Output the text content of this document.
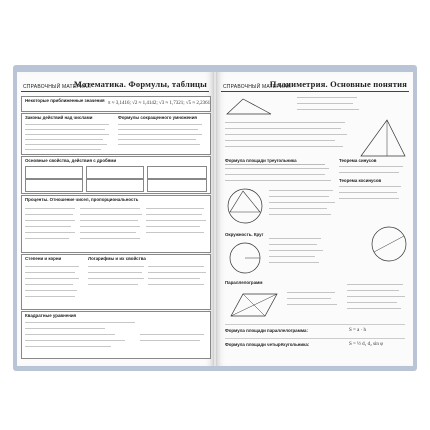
СПРАВОЧНЫЙ МАТЕРИАЛ
Математика. Формулы, таблицы
Некоторые приближенные значения
π ≈ 3,1416; √2 ≈ 1,4142; √3 ≈ 1,7321; √5 ≈ 2,2361
Законы действий над числами	Формулы сокращенного умножения
Основные свойства, действия с дробями
Проценты. Отношение чисел, пропорциональность
Степени и корни	Логарифмы и их свойства
Квадратные уравнения
СПРАВОЧНЫЙ МАТЕРИАЛ
Планиметрия. Основные понятия
Формула площади треугольника	Теорема синусов
Теорема косинусов
Окружность. Круг
Параллелограмм
Формула площади параллелограмма:	S = a · h
Формула площади четырёхугольника:	S = ½ d₁ d₂ sin φ
